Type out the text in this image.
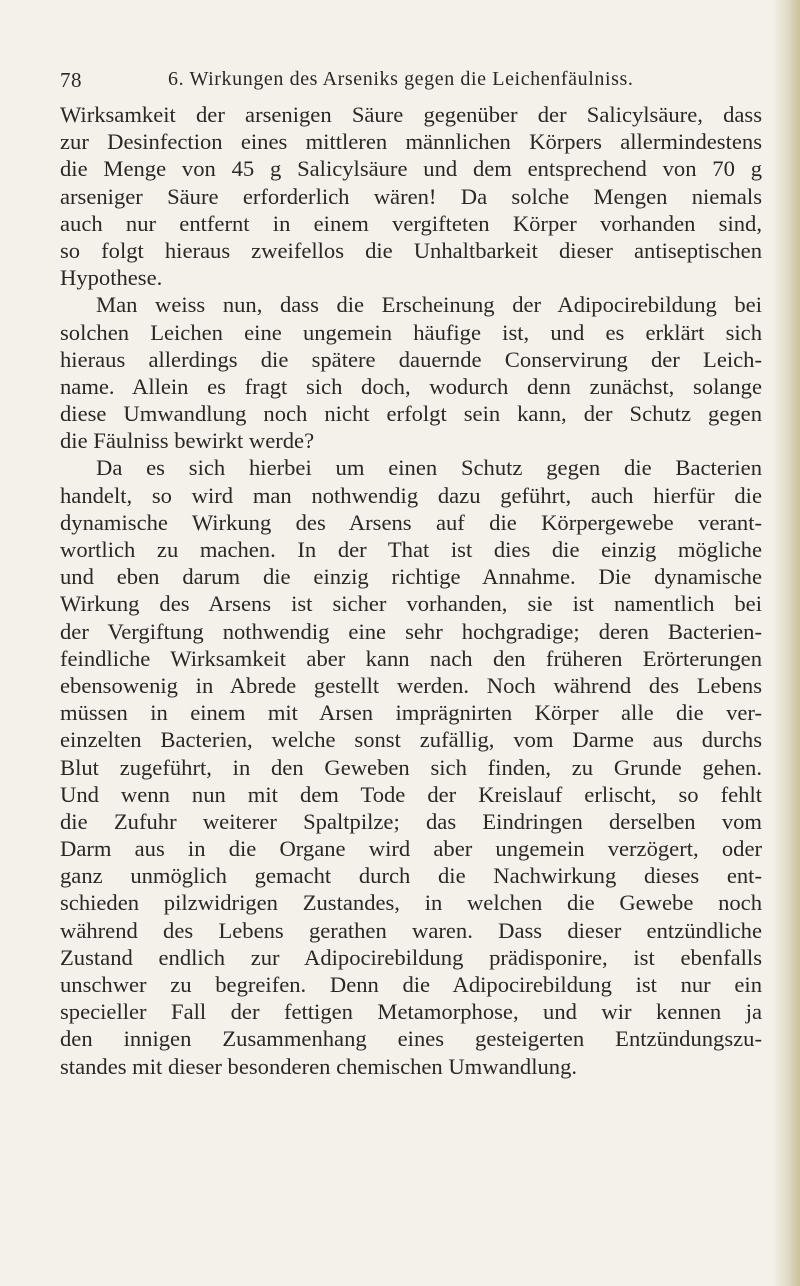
78	6. Wirkungen des Arseniks gegen die Leichenfäulniss.
Wirksamkeit der arsenigen Säure gegenüber der Salicylsäure, dass
zur Desinfection eines mittleren männlichen Körpers allermindestens
die Menge von 45 g Salicylsäure und dem entsprechend von 70 g
arseniger Säure erforderlich wären! Da solche Mengen niemals
auch nur entfernt in einem vergifteten Körper vorhanden sind,
so folgt hieraus zweifellos die Unhaltbarkeit dieser antiseptischen
Hypothese.
Man weiss nun, dass die Erscheinung der Adipocirebildung bei
solchen Leichen eine ungemein häufige ist, und es erklärt sich
hieraus allerdings die spätere dauernde Conservirung der Leich-
name. Allein es fragt sich doch, wodurch denn zunächst, solange
diese Umwandlung noch nicht erfolgt sein kann, der Schutz gegen
die Fäulniss bewirkt werde?
Da es sich hierbei um einen Schutz gegen die Bacterien
handelt, so wird man nothwendig dazu geführt, auch hierfür die
dynamische Wirkung des Arsens auf die Körpergewebe verant-
wortlich zu machen. In der That ist dies die einzig mögliche
und eben darum die einzig richtige Annahme. Die dynamische
Wirkung des Arsens ist sicher vorhanden, sie ist namentlich bei
der Vergiftung nothwendig eine sehr hochgradige; deren Bacterien-
feindliche Wirksamkeit aber kann nach den früheren Erörterungen
ebensowenig in Abrede gestellt werden. Noch während des Lebens
müssen in einem mit Arsen imprägnirten Körper alle die ver-
einzelten Bacterien, welche sonst zufällig, vom Darme aus durchs
Blut zugeführt, in den Geweben sich finden, zu Grunde gehen.
Und wenn nun mit dem Tode der Kreislauf erlischt, so fehlt
die Zufuhr weiterer Spaltpilze; das Eindringen derselben vom
Darm aus in die Organe wird aber ungemein verzögert, oder
ganz unmöglich gemacht durch die Nachwirkung dieses ent-
schieden pilzwidrigen Zustandes, in welchen die Gewebe noch
während des Lebens gerathen waren. Dass dieser entzündliche
Zustand endlich zur Adipocirebildung prädisponire, ist ebenfalls
unschwer zu begreifen. Denn die Adipocirebildung ist nur ein
specieller Fall der fettigen Metamorphose, und wir kennen ja
den innigen Zusammenhang eines gesteigerten Entzündungszu-
standes mit dieser besonderen chemischen Umwandlung.
